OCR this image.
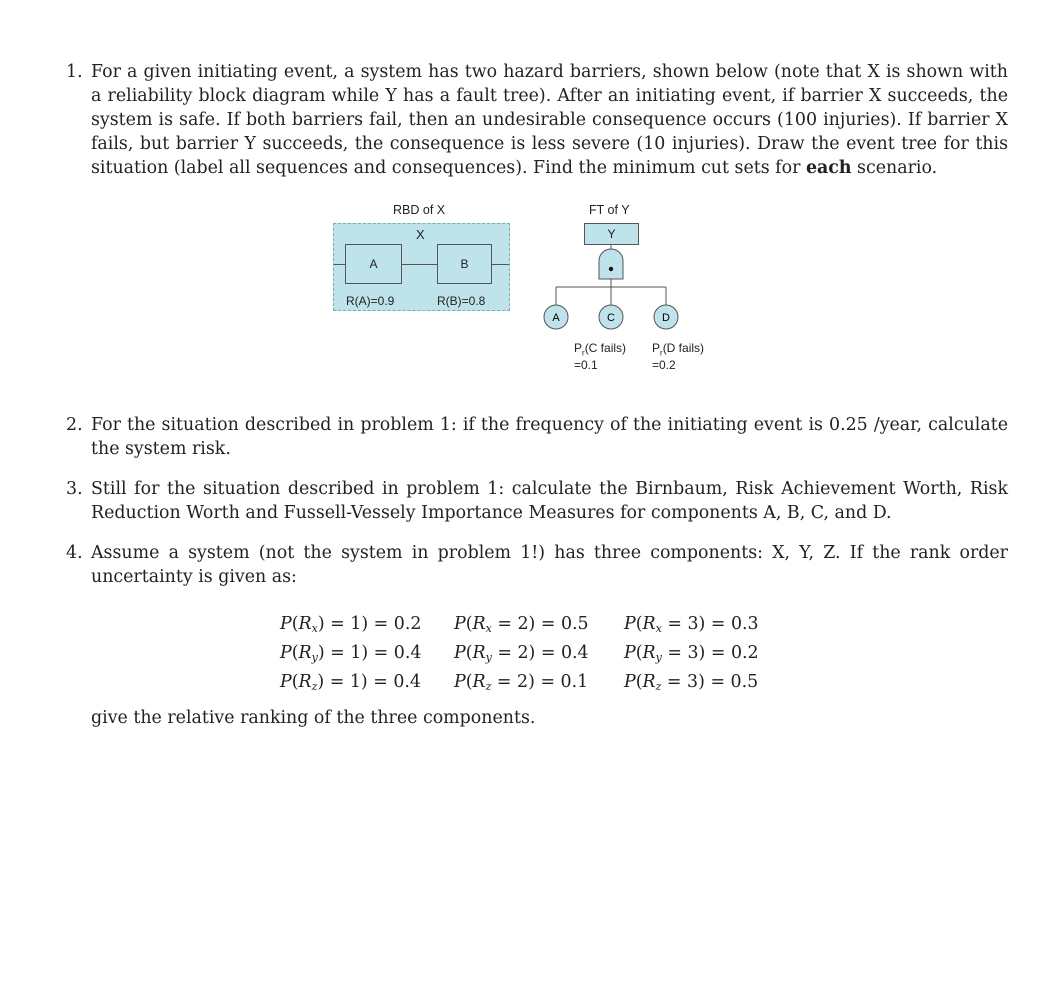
1. For a given initiating event, a system has two hazard barriers, shown below (note that X is shown with
a reliability block diagram while Y has a fault tree). After an initiating event, if barrier X succeeds, the
system is safe. If both barriers fail, then an undesirable consequence occurs (100 injuries). If barrier X
fails, but barrier Y succeeds, the consequence is less severe (10 injuries). Draw the event tree for this
situation (label all sequences and consequences). Find the minimum cut sets for each scenario.
RBD of X
X
A	B
R(A)=0.9	R(B)=0.8
FT of Y
Y
A	C	D
$P_r(C$ fails)
=0.1
$P_r(D$ fails)
=0.2
2. For the situation described in problem 1: if the frequency of the initiating event is 0.25 /year, calculate
the system risk.
3. Still for the situation described in problem 1: calculate the Birnbaum, Risk Achievement Worth, Risk
Reduction Worth and Fussell-Vessely Importance Measures for components A, B, C, and D.
4. Assume a system (not the system in problem 1!) has three components: X, Y, Z. If the rank order
uncertainty is given as:
P(Rx) = 1) = 0.2	P(Rx = 2) = 0.5	P(Rx = 3) = 0.3
P(Ry) = 1) = 0.4	P(Ry = 2) = 0.4	P(Ry = 3) = 0.2
P(Rz) = 1) = 0.4	P(Rz = 2) = 0.1	P(Rz = 3) = 0.5
give the relative ranking of the three components.
